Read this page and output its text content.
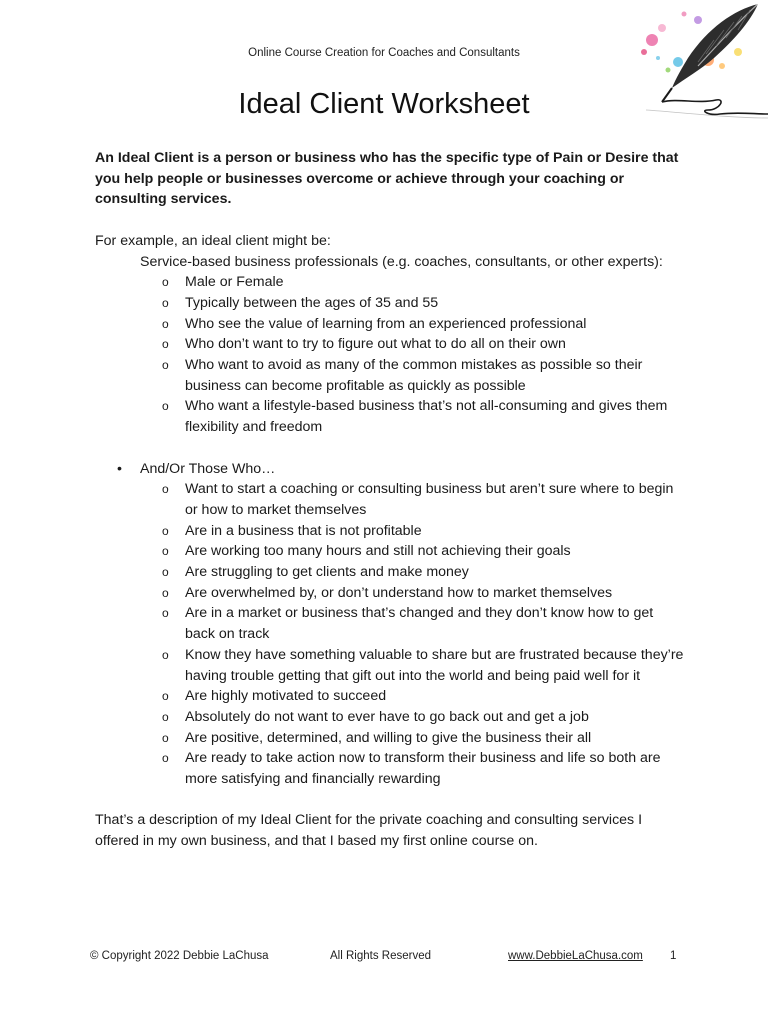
Online Course Creation for Coaches and Consultants
Ideal Client Worksheet

An Ideal Client is a person or business who has the specific type of Pain or Desire that you help people or businesses overcome or achieve through your coaching or consulting services.

For example, an ideal client might be:

Service-based business professionals (e.g. coaches, consultants, or other experts):
o Male or Female
o Typically between the ages of 35 and 55
o Who see the value of learning from an experienced professional
o Who don’t want to try to figure out what to do all on their own
o Who want to avoid as many of the common mistakes as possible so their business can become profitable as quickly as possible
o Who want a lifestyle-based business that’s not all-consuming and gives them flexibility and freedom
• And/Or Those Who…
o Want to start a coaching or consulting business but aren’t sure where to begin or how to market themselves
o Are in a business that is not profitable
o Are working too many hours and still not achieving their goals
o Are struggling to get clients and make money
o Are overwhelmed by, or don’t understand how to market themselves
o Are in a market or business that’s changed and they don’t know how to get back on track
o Know they have something valuable to share but are frustrated because they’re having trouble getting that gift out into the world and being paid well for it
o Are highly motivated to succeed
o Absolutely do not want to ever have to go back out and get a job
o Are positive, determined, and willing to give the business their all
o Are ready to take action now to transform their business and life so both are more satisfying and financially rewarding

That’s a description of my Ideal Client for the private coaching and consulting services I offered in my own business, and that I based my first online course on.

© Copyright 2022 Debbie LaChusa	All Rights Reserved	www.DebbieLaChusa.com 1
